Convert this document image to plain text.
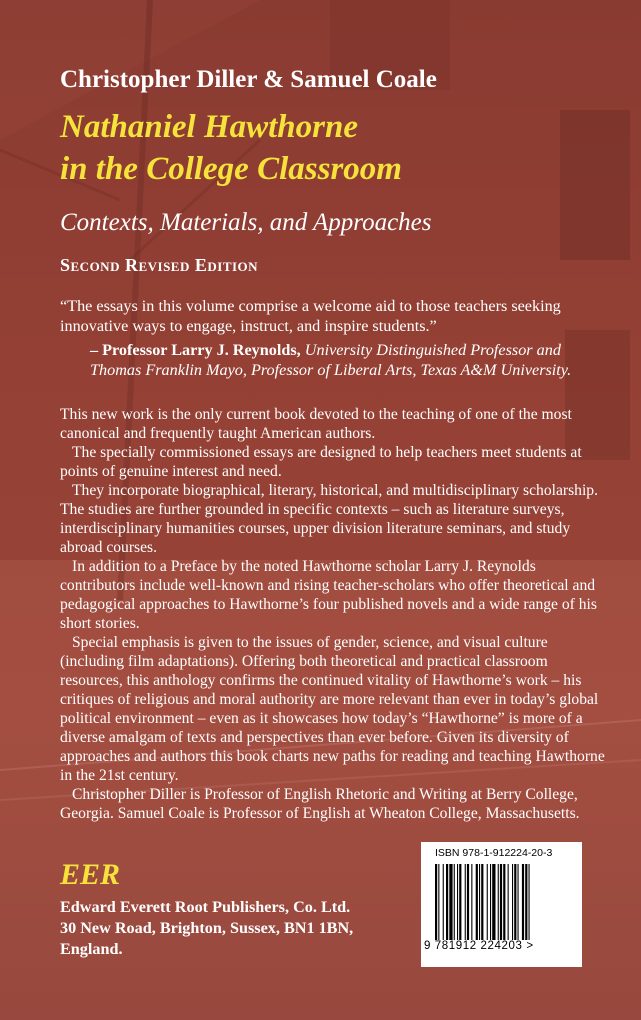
Christopher Diller & Samuel Coale
Nathaniel Hawthorne
in the College Classroom
Contexts, Materials, and Approaches
Second Revised Edition
“The essays in this volume comprise a welcome aid to those teachers seeking innovative ways to engage, instruct, and inspire students.”
– Professor Larry J. Reynolds, University Distinguished Professor and Thomas Franklin Mayo, Professor of Liberal Arts, Texas A&M University.

This new work is the only current book devoted to the teaching of one of the most canonical and frequently taught American authors.

The specially commissioned essays are designed to help teachers meet students at points of genuine interest and need.

They incorporate biographical, literary, historical, and multidisciplinary scholarship. The studies are further grounded in specific contexts – such as literature surveys, interdisciplinary humanities courses, upper division literature seminars, and study abroad courses.

In addition to a Preface by the noted Hawthorne scholar Larry J. Reynolds contributors include well-known and rising teacher-scholars who offer theoretical and pedagogical approaches to Hawthorne’s four published novels and a wide range of his short stories.

Special emphasis is given to the issues of gender, science, and visual culture (including film adaptations). Offering both theoretical and practical classroom resources, this anthology confirms the continued vitality of Hawthorne’s work – his critiques of religious and moral authority are more relevant than ever in today’s global political environment – even as it showcases how today’s “Hawthorne” is more of a diverse amalgam of texts and perspectives than ever before. Given its diversity of approaches and authors this book charts new paths for reading and teaching Hawthorne in the 21st century.

Christopher Diller is Professor of English Rhetoric and Writing at Berry College, Georgia. Samuel Coale is Professor of English at Wheaton College, Massachusetts.

EER
Edward Everett Root Publishers, Co. Ltd.
30 New Road, Brighton, Sussex, BN1 1BN,
England.
ISBN 978-1-912224-20-3
9 781912 224203 >
